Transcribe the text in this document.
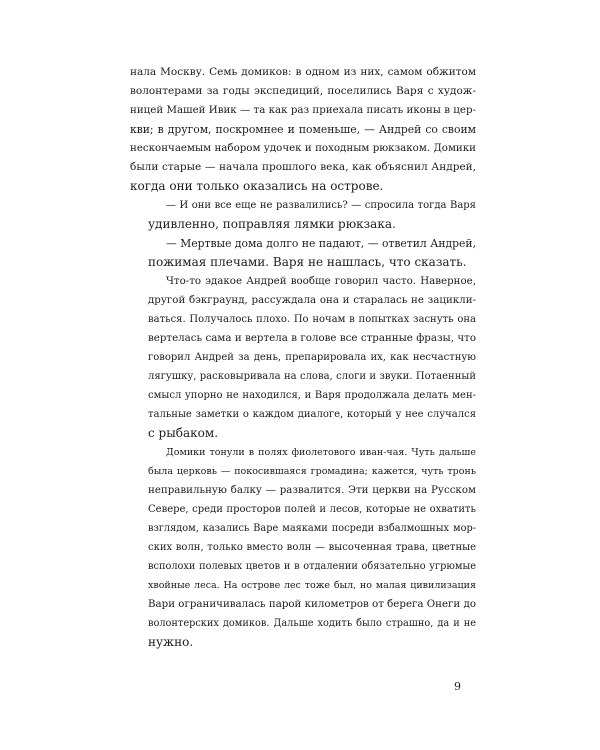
нала Москву. Семь домиков: в одном из них, самом обжитом
волонтерами за годы экспедиций, поселились Варя с худож-
ницей Машей Ивик — та как раз приехала писать иконы в цер-
кви; в другом, поскромнее и поменьше, — Андрей со своим
нескончаемым набором удочек и походным рюкзаком. Домики
были старые — начала прошлого века, как объяснил Андрей,
когда они только оказались на острове.
— И они все еще не развалились? — спросила тогда Варя
удивленно, поправляя лямки рюкзака.
— Мертвые дома долго не падают, — ответил Андрей,
пожимая плечами. Варя не нашлась, что сказать.
Что-то эдакое Андрей вообще говорил часто. Наверное,
другой бэкграунд, рассуждала она и старалась не зацикли-
ваться. Получалось плохо. По ночам в попытках заснуть она
вертелась сама и вертела в голове все странные фразы, что
говорил Андрей за день, препарировала их, как несчастную
лягушку, расковыривала на слова, слоги и звуки. Потаенный
смысл упорно не находился, и Варя продолжала делать мен-
тальные заметки о каждом диалоге, который у нее случался
с рыбаком.
Домики тонули в полях фиолетового иван-чая. Чуть дальше
была церковь — покосившаяся громадина; кажется, чуть тронь
неправильную балку — развалится. Эти церкви на Русском
Севере, среди просторов полей и лесов, которые не охватить
взглядом, казались Варе маяками посреди взбалмошных мор-
ских волн, только вместо волн — высоченная трава, цветные
всполохи полевых цветов и в отдалении обязательно угрюмые
хвойные леса. На острове лес тоже был, но малая цивилизация
Вари ограничивалась парой километров от берега Онеги до
волонтерских домиков. Дальше ходить было страшно, да и не
нужно.
9
